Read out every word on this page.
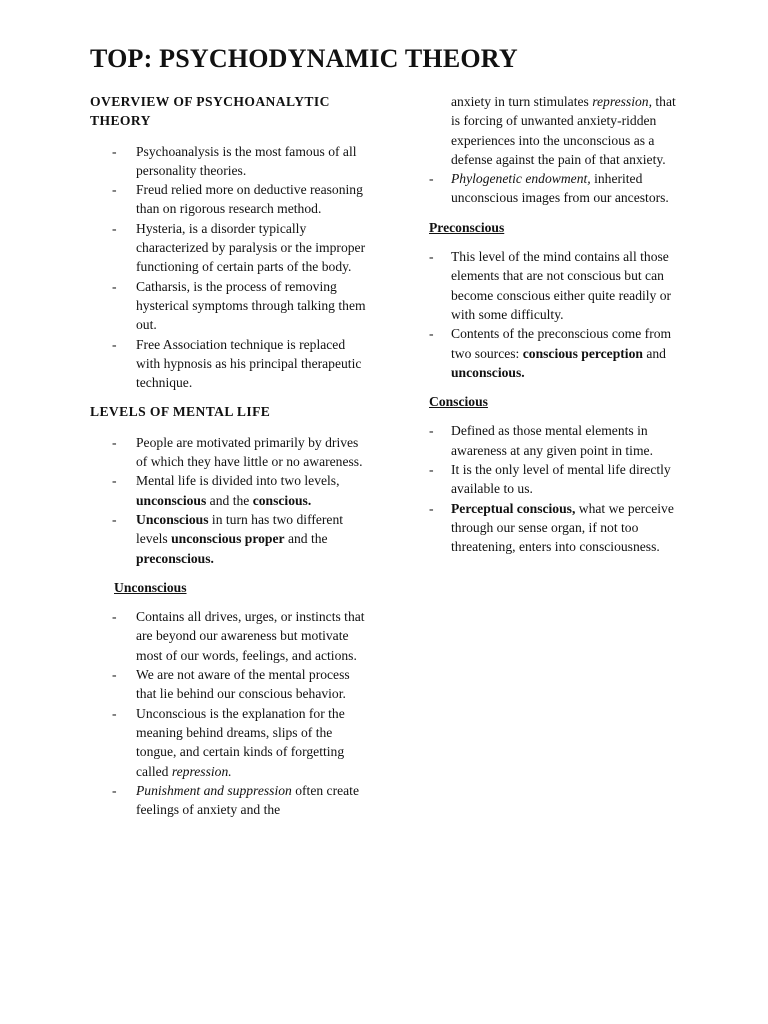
TOP: PSYCHODYNAMIC THEORY
OVERVIEW OF PSYCHOANALYTIC THEORY
- Psychoanalysis is the most famous of all personality theories.
- Freud relied more on deductive reasoning than on rigorous research method.
- Hysteria, is a disorder typically characterized by paralysis or the improper functioning of certain parts of the body.
- Catharsis, is the process of removing hysterical symptoms through talking them out.
- Free Association technique is replaced with hypnosis as his principal therapeutic technique.
LEVELS OF MENTAL LIFE
- People are motivated primarily by drives of which they have little or no awareness.
- Mental life is divided into two levels, unconscious and the conscious.
- Unconscious in turn has two different levels unconscious proper and the preconscious.
Unconscious
- Contains all drives, urges, or instincts that are beyond our awareness but motivate most of our words, feelings, and actions.
- We are not aware of the mental process that lie behind our conscious behavior.
- Unconscious is the explanation for the meaning behind dreams, slips of the tongue, and certain kinds of forgetting called repression.
- Punishment and suppression often create feelings of anxiety and the
anxiety in turn stimulates repression, that is forcing of unwanted anxiety-ridden experiences into the unconscious as a defense against the pain of that anxiety.
- Phylogenetic endowment, inherited unconscious images from our ancestors.
Preconscious
- This level of the mind contains all those elements that are not conscious but can become conscious either quite readily or with some difficulty.
- Contents of the preconscious come from two sources: conscious perception and unconscious.
Conscious
- Defined as those mental elements in awareness at any given point in time.
- It is the only level of mental life directly available to us.
- Perceptual conscious, what we perceive through our sense organ, if not too threatening, enters into consciousness.
